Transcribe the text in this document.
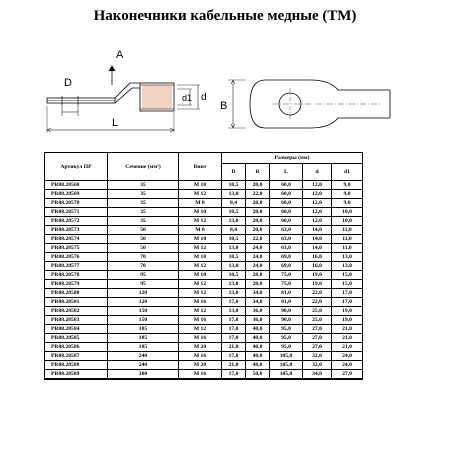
Наконечники кабельные медные (ТМ)
A
D
d1 d
L
B
Артикул ПР	Сечение (мм²)	Винт	Размеры (мм)				
			D	B	L	d	d1
PR08.28568	35	М 10	10,5	20,0	60,0	12,0	9,0
PR08.28569	35	М 12	13,0	22,0	60,0	12,0	9,0
PR08.28570	35	М 8	8,4	20,0	60,0	12,0	9,0
PR08.28571	35	М 10	10,5	20,0	60,0	12,0	10,0
PR08.28572	35	М 12	13,0	20,0	60,0	12,0	10,0
PR08.28573	50	М 8	8,4	20,0	63,0	14,0	11,0
PR08.28574	50	М 10	10,5	22,0	63,0	14,0	11,0
PR08.28575	50	М 12	13,0	24,0	63,0	14,0	11,0
PR08.28576	70	М 10	10,5	24,0	69,0	16,0	13,0
PR08.28577	70	М 12	13,0	24,0	69,0	16,0	13,0
PR08.28578	95	М 10	10,5	28,0	75,0	19,0	15,0
PR08.28579	95	М 12	13,0	28,0	75,0	19,0	15,0
PR08.28580	120	М 12	13,0	34,0	81,0	22,0	17,0
PR08.28581	120	М 16	17,0	34,0	81,0	22,0	17,0
PR08.28582	150	М 12	13,0	36,0	90,0	25,0	19,0
PR08.28583	150	М 16	17,0	36,0	90,0	25,0	19,0
PR08.28584	185	М 12	17,0	40,0	95,0	27,0	21,0
PR08.28585	185	М 16	17,0	40,0	95,0	27,0	21,0
PR08.28586	185	М 20	21,0	40,0	95,0	27,0	21,0
PR08.28587	240	М 16	17,0	48,0	105,0	32,0	24,0
PR08.28588	240	М 20	21,0	48,0	105,0	32,0	24,0
PR08.28589	300	М 16	17,0	50,0	105,0	34,0	27,0
